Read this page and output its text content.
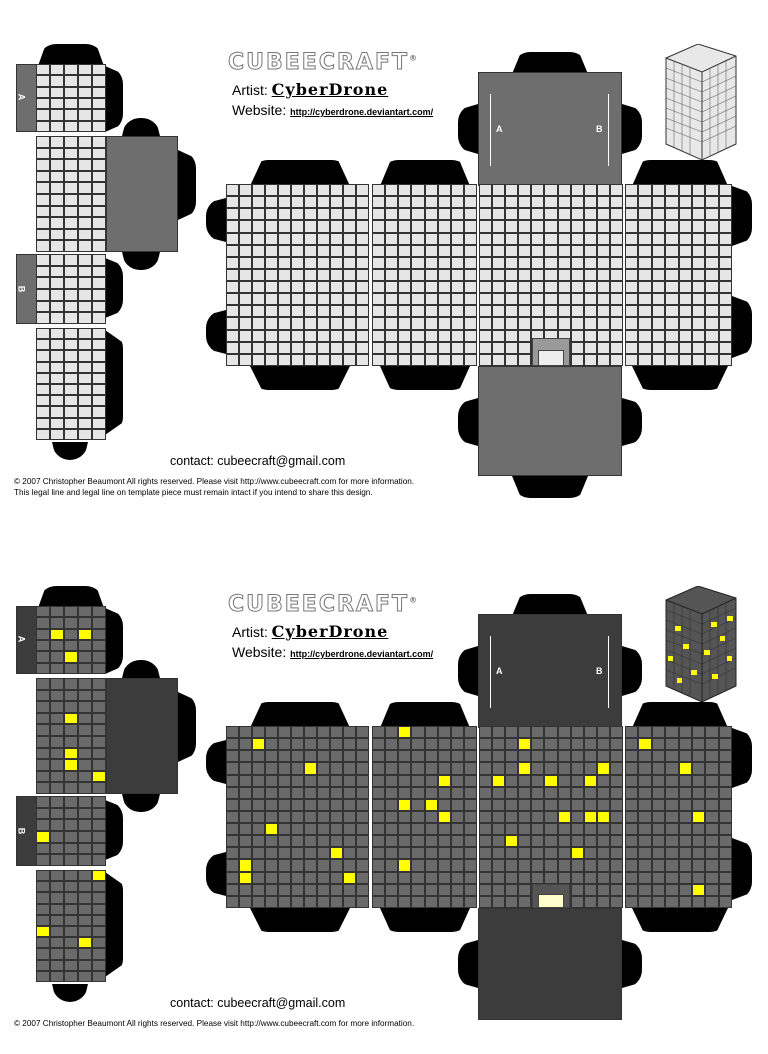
A
B
CUBEECRAFT®
Artist: CyberDrone
Website: http://cyberdrone.deviantart.com/
A	B
contact: cubeecraft@gmail.com
© 2007 Christopher Beaumont All rights reserved. Please visit http://www.cubeecraft.com for more information.
This legal line and legal line on template piece must remain intact if you intend to share this design.
A
B
CUBEECRAFT®
Artist: CyberDrone
Website: http://cyberdrone.deviantart.com/
A	B
contact: cubeecraft@gmail.com
© 2007 Christopher Beaumont All rights reserved. Please visit http://www.cubeecraft.com for more information.
